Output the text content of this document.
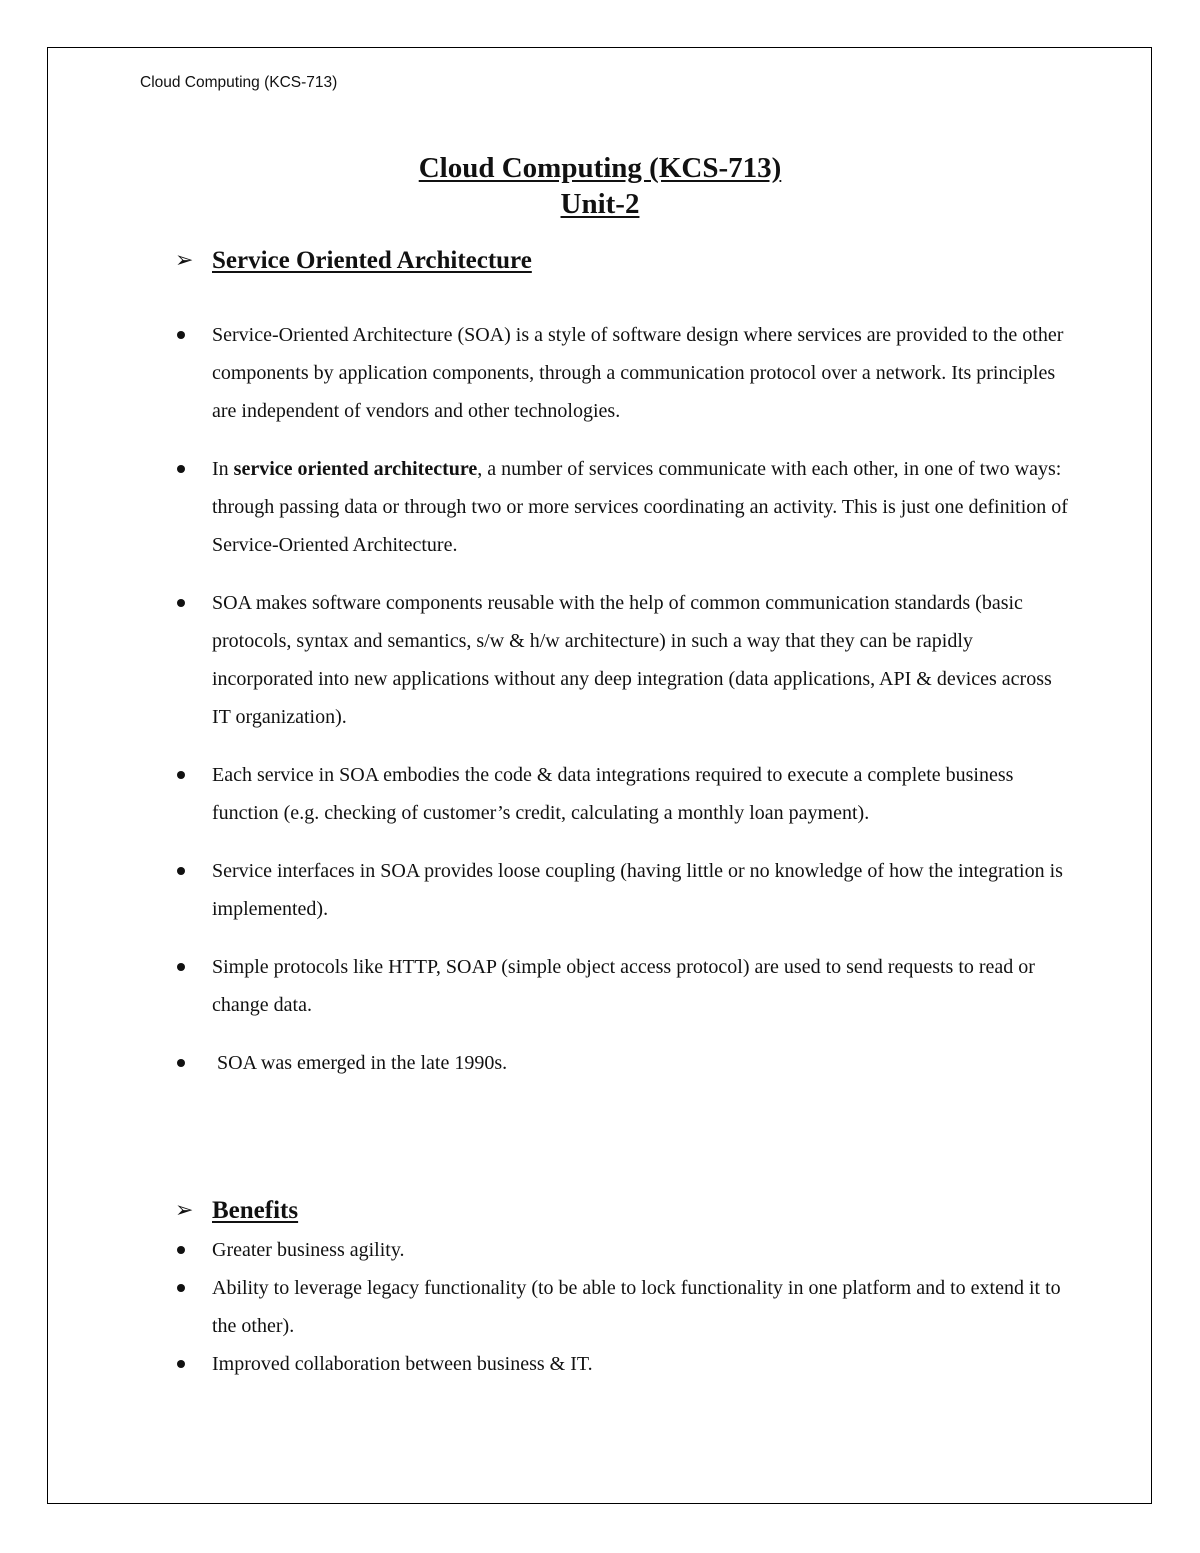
Cloud Computing (KCS-713)
Cloud Computing (KCS-713)
Unit-2
➢ Service Oriented Architecture
Service-Oriented Architecture (SOA) is a style of software design where services are provided to the other components by application components, through a communication protocol over a network. Its principles are independent of vendors and other technologies.
In service oriented architecture, a number of services communicate with each other, in one of two ways: through passing data or through two or more services coordinating an activity. This is just one definition of Service-Oriented Architecture.
SOA makes software components reusable with the help of common communication standards (basic protocols, syntax and semantics, s/w & h/w architecture) in such a way that they can be rapidly incorporated into new applications without any deep integration (data applications, API & devices across IT organization).
Each service in SOA embodies the code & data integrations required to execute a complete business function (e.g. checking of customer’s credit, calculating a monthly loan payment).
Service interfaces in SOA provides loose coupling (having little or no knowledge of how the integration is implemented).
Simple protocols like HTTP, SOAP (simple object access protocol) are used to send requests to read or change data.
SOA was emerged in the late 1990s.
➢ Benefits
Greater business agility.
Ability to leverage legacy functionality (to be able to lock functionality in one platform and to extend it to the other).
Improved collaboration between business & IT.
